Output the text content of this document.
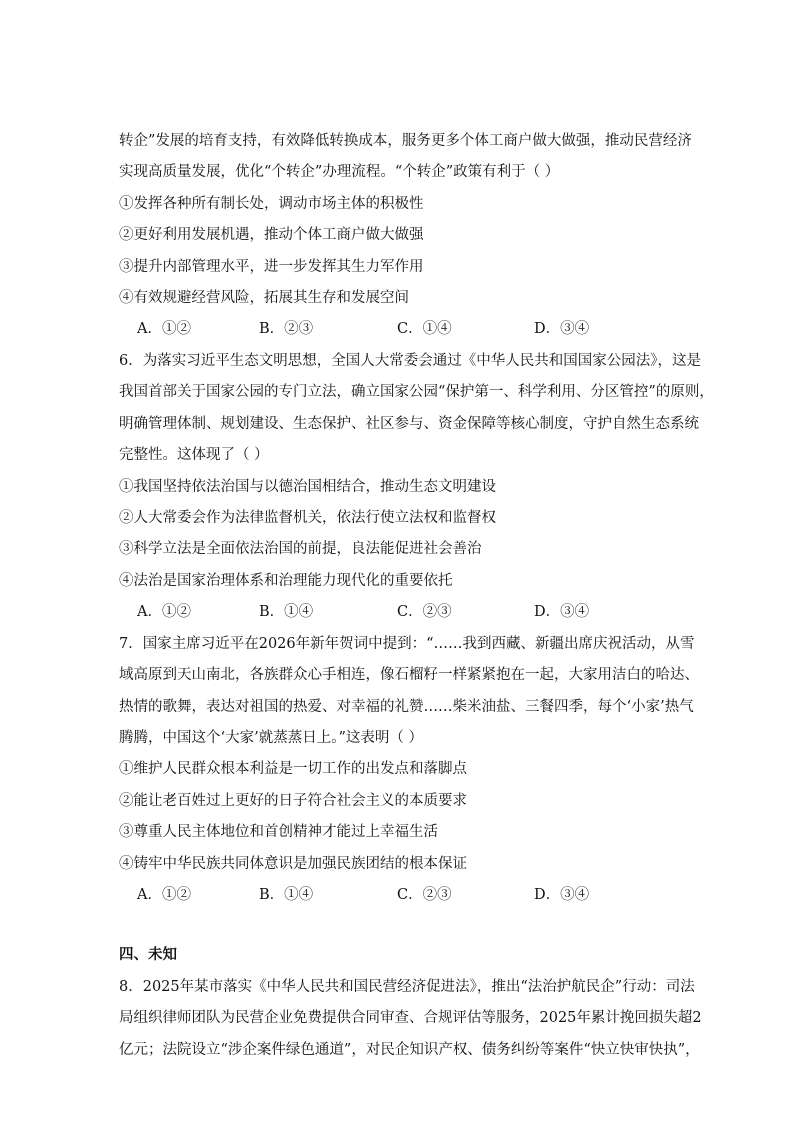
转企”发展的培育支持，有效降低转换成本，服务更多个体工商户做大做强，推动民营经济
实现高质量发展，优化“个转企”办理流程。“个转企”政策有利于（ ）
①发挥各种所有制长处，调动市场主体的积极性
②更好利用发展机遇，推动个体工商户做大做强
③提升内部管理水平，进一步发挥其生力军作用
④有效规避经营风险，拓展其生存和发展空间
A．①②	B．②③	C．①④	D．③④
6．为落实习近平生态文明思想，全国人大常委会通过《中华人民共和国国家公园法》，这是
我国首部关于国家公园的专门立法，确立国家公园“保护第一、科学利用、分区管控”的原则，
明确管理体制、规划建设、生态保护、社区参与、资金保障等核心制度，守护自然生态系统
完整性。这体现了（ ）
①我国坚持依法治国与以德治国相结合，推动生态文明建设
②人大常委会作为法律监督机关，依法行使立法权和监督权
③科学立法是全面依法治国的前提，良法能促进社会善治
④法治是国家治理体系和治理能力现代化的重要依托
A．①②	B．①④	C．②③	D．③④
7．国家主席习近平在2026年新年贺词中提到：“……我到西藏、新疆出席庆祝活动，从雪
域高原到天山南北，各族群众心手相连，像石榴籽一样紧紧抱在一起，大家用洁白的哈达、
热情的歌舞，表达对祖国的热爱、对幸福的礼赞……柴米油盐、三餐四季，每个‘小家’热气
腾腾，中国这个‘大家’就蒸蒸日上。”这表明（ ）
①维护人民群众根本利益是一切工作的出发点和落脚点
②能让老百姓过上更好的日子符合社会主义的本质要求
③尊重人民主体地位和首创精神才能过上幸福生活
④铸牢中华民族共同体意识是加强民族团结的根本保证
A．①②	B．①④	C．②③	D．③④
四、未知
8．2025年某市落实《中华人民共和国民营经济促进法》，推出“法治护航民企”行动：司法
局组织律师团队为民营企业免费提供合同审查、合规评估等服务，2025年累计挽回损失超2
亿元；法院设立“涉企案件绿色通道”，对民企知识产权、债务纠纷等案件“快立快审快执”，
